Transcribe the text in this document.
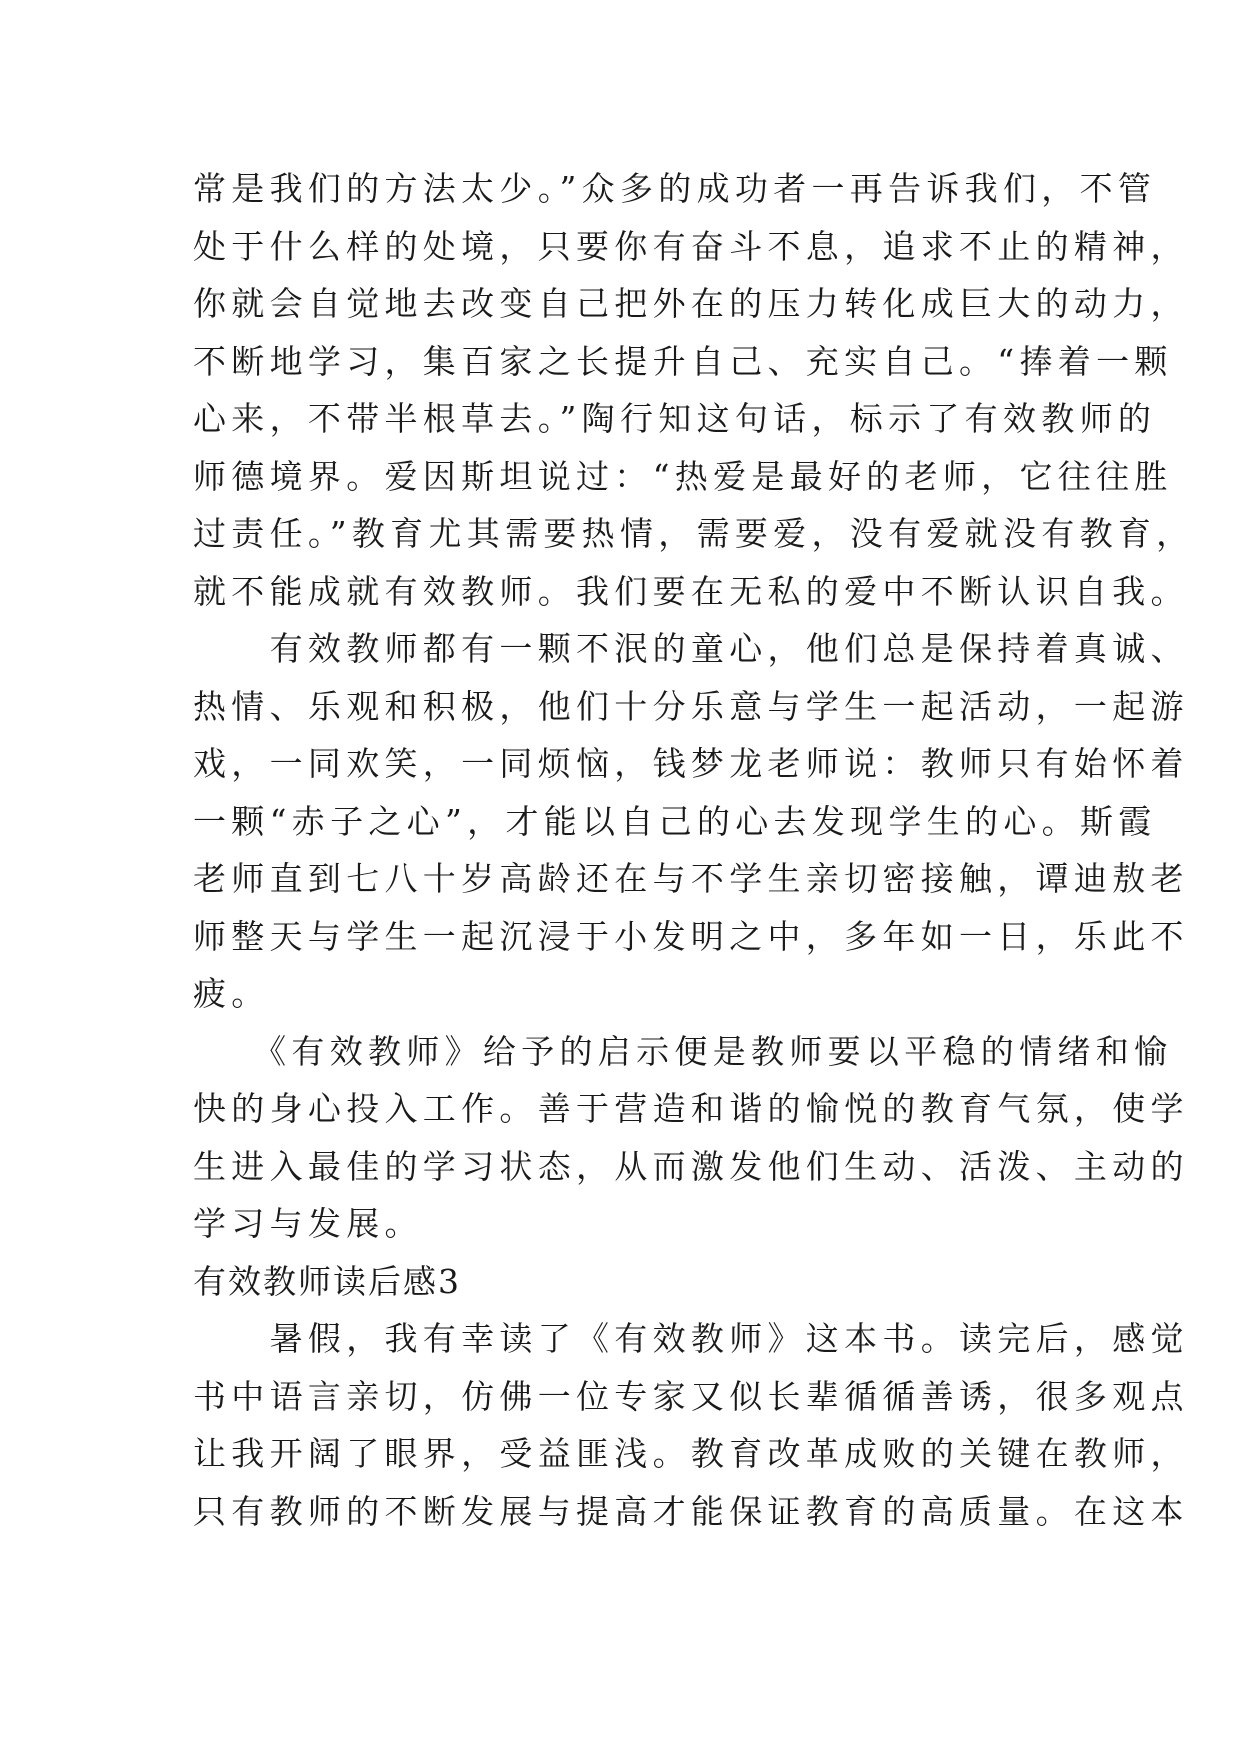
常是我们的方法太少。”众多的成功者一再告诉我们，不管
处于什么样的处境，只要你有奋斗不息，追求不止的精神，
你就会自觉地去改变自己把外在的压力转化成巨大的动力，
不断地学习，集百家之长提升自己、充实自己。“捧着一颗
心来，不带半根草去。”陶行知这句话，标示了有效教师的
师德境界。爱因斯坦说过：“热爱是最好的老师，它往往胜
过责任。”教育尤其需要热情，需要爱，没有爱就没有教育，
就不能成就有效教师。我们要在无私的爱中不断认识自我。
　　有效教师都有一颗不泯的童心，他们总是保持着真诚、
热情、乐观和积极，他们十分乐意与学生一起活动，一起游
戏，一同欢笑，一同烦恼，钱梦龙老师说：教师只有始怀着
一颗“赤子之心”，才能以自己的心去发现学生的心。斯霞
老师直到七八十岁高龄还在与不学生亲切密接触，谭迪敖老
师整天与学生一起沉浸于小发明之中，多年如一日，乐此不
疲。
　　《有效教师》给予的启示便是教师要以平稳的情绪和愉
快的身心投入工作。善于营造和谐的愉悦的教育气氛，使学
生进入最佳的学习状态，从而激发他们生动、活泼、主动的
学习与发展。
有效教师读后感3
　　暑假，我有幸读了《有效教师》这本书。读完后，感觉
书中语言亲切，仿佛一位专家又似长辈循循善诱，很多观点
让我开阔了眼界，受益匪浅。教育改革成败的关键在教师，
只有教师的不断发展与提高才能保证教育的高质量。在这本
